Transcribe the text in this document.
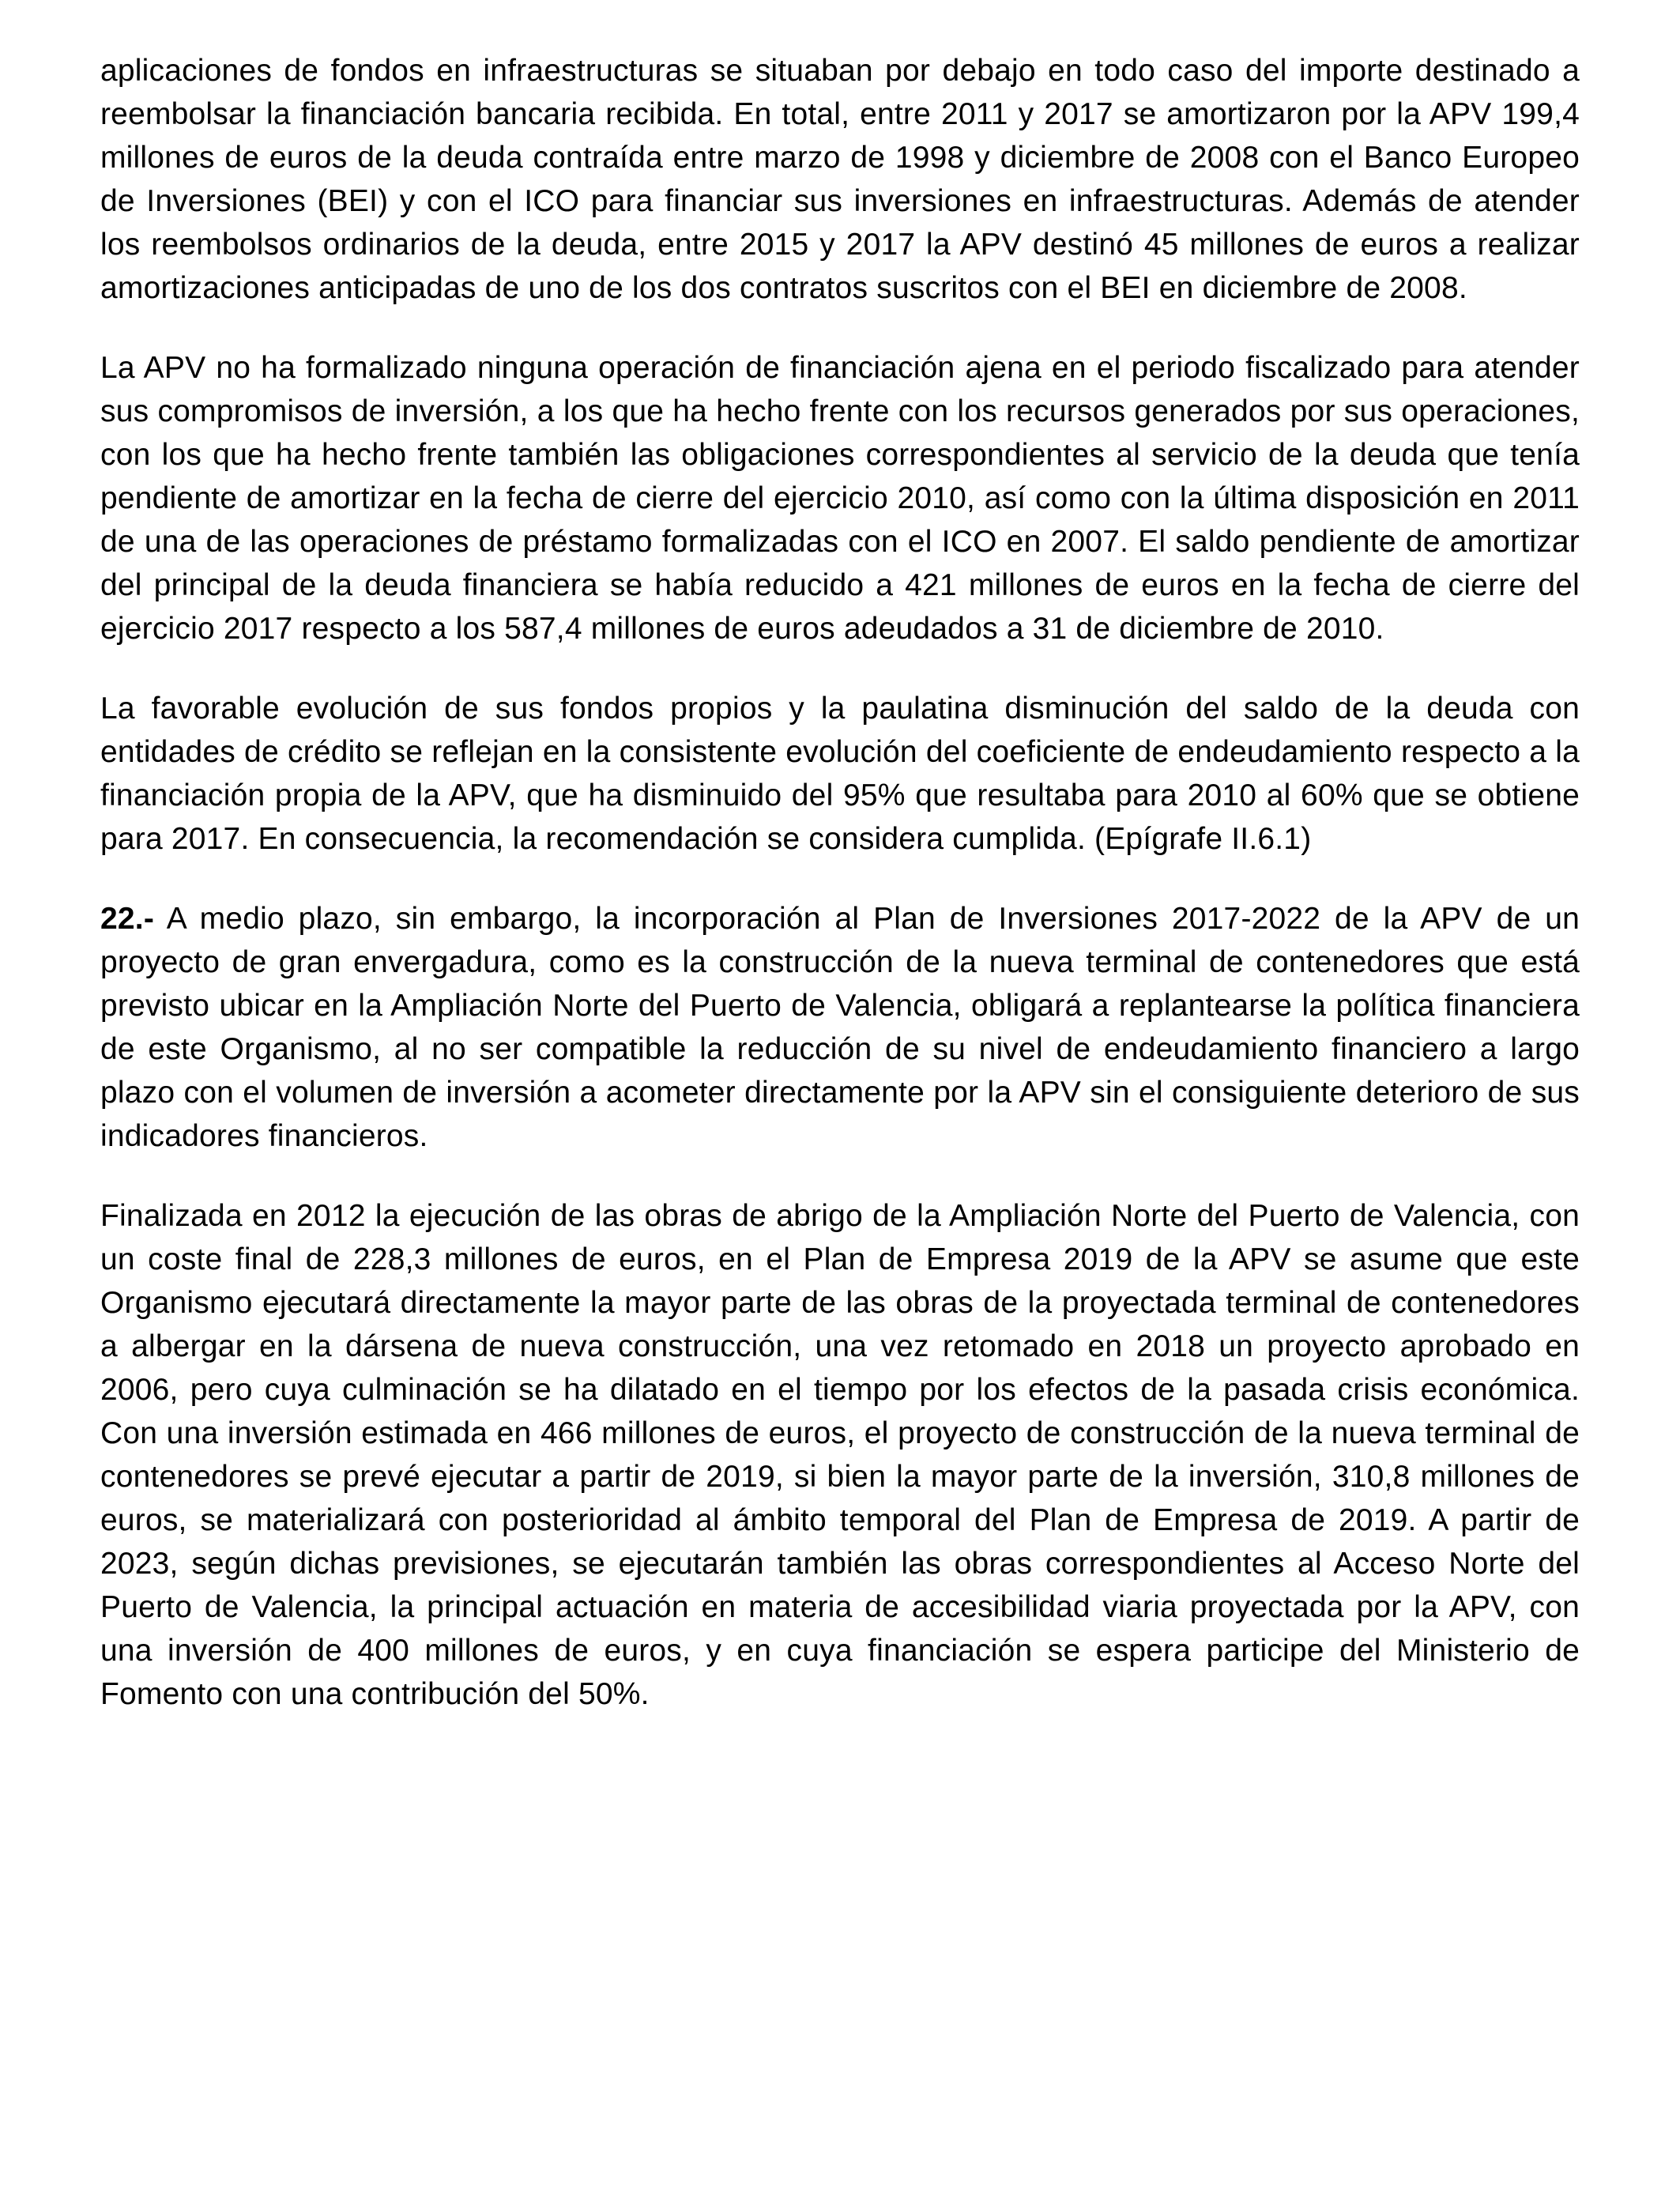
aplicaciones de fondos en infraestructuras se situaban por debajo en todo caso del importe destinado a reembolsar la financiación bancaria recibida. En total, entre 2011 y 2017 se amortizaron por la APV 199,4 millones de euros de la deuda contraída entre marzo de 1998 y diciembre de 2008 con el Banco Europeo de Inversiones (BEI) y con el ICO para financiar sus inversiones en infraestructuras. Además de atender los reembolsos ordinarios de la deuda, entre 2015 y 2017 la APV destinó 45 millones de euros a realizar amortizaciones anticipadas de uno de los dos contratos suscritos con el BEI en diciembre de 2008.

La APV no ha formalizado ninguna operación de financiación ajena en el periodo fiscalizado para atender sus compromisos de inversión, a los que ha hecho frente con los recursos generados por sus operaciones, con los que ha hecho frente también las obligaciones correspondientes al servicio de la deuda que tenía pendiente de amortizar en la fecha de cierre del ejercicio 2010, así como con la última disposición en 2011 de una de las operaciones de préstamo formalizadas con el ICO en 2007. El saldo pendiente de amortizar del principal de la deuda financiera se había reducido a 421 millones de euros en la fecha de cierre del ejercicio 2017 respecto a los 587,4 millones de euros adeudados a 31 de diciembre de 2010.

La favorable evolución de sus fondos propios y la paulatina disminución del saldo de la deuda con entidades de crédito se reflejan en la consistente evolución del coeficiente de endeudamiento respecto a la financiación propia de la APV, que ha disminuido del 95% que resultaba para 2010 al 60% que se obtiene para 2017. En consecuencia, la recomendación se considera cumplida. (Epígrafe II.6.1)

22.- A medio plazo, sin embargo, la incorporación al Plan de Inversiones 2017-2022 de la APV de un proyecto de gran envergadura, como es la construcción de la nueva terminal de contenedores que está previsto ubicar en la Ampliación Norte del Puerto de Valencia, obligará a replantearse la política financiera de este Organismo, al no ser compatible la reducción de su nivel de endeudamiento financiero a largo plazo con el volumen de inversión a acometer directamente por la APV sin el consiguiente deterioro de sus indicadores financieros.

Finalizada en 2012 la ejecución de las obras de abrigo de la Ampliación Norte del Puerto de Valencia, con un coste final de 228,3 millones de euros, en el Plan de Empresa 2019 de la APV se asume que este Organismo ejecutará directamente la mayor parte de las obras de la proyectada terminal de contenedores a albergar en la dársena de nueva construcción, una vez retomado en 2018 un proyecto aprobado en 2006, pero cuya culminación se ha dilatado en el tiempo por los efectos de la pasada crisis económica. Con una inversión estimada en 466 millones de euros, el proyecto de construcción de la nueva terminal de contenedores se prevé ejecutar a partir de 2019, si bien la mayor parte de la inversión, 310,8 millones de euros, se materializará con posterioridad al ámbito temporal del Plan de Empresa de 2019. A partir de 2023, según dichas previsiones, se ejecutarán también las obras correspondientes al Acceso Norte del Puerto de Valencia, la principal actuación en materia de accesibilidad viaria proyectada por la APV, con una inversión de 400 millones de euros, y en cuya financiación se espera participe del Ministerio de Fomento con una contribución del 50%.
